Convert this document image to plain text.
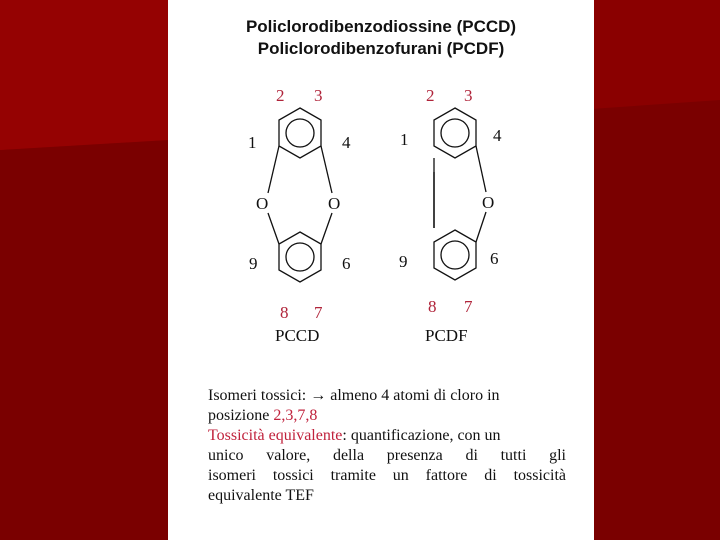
Policlorodibenzodiossine (PCCD)
Policlorodibenzofurani (PCDF)
2 3
8 7
2 3
8 7
1	4
9	6
O	O
1	4
9	6
O
PCCD	PCDF
Isomeri tossici: → almeno 4 atomi di cloro in
posizione 2,3,7,8
Tossicità equivalente: quantificazione, con un
unico valore, della presenza di tutti gli
isomeri tossici tramite un fattore di tossicità
equivalente TEF
